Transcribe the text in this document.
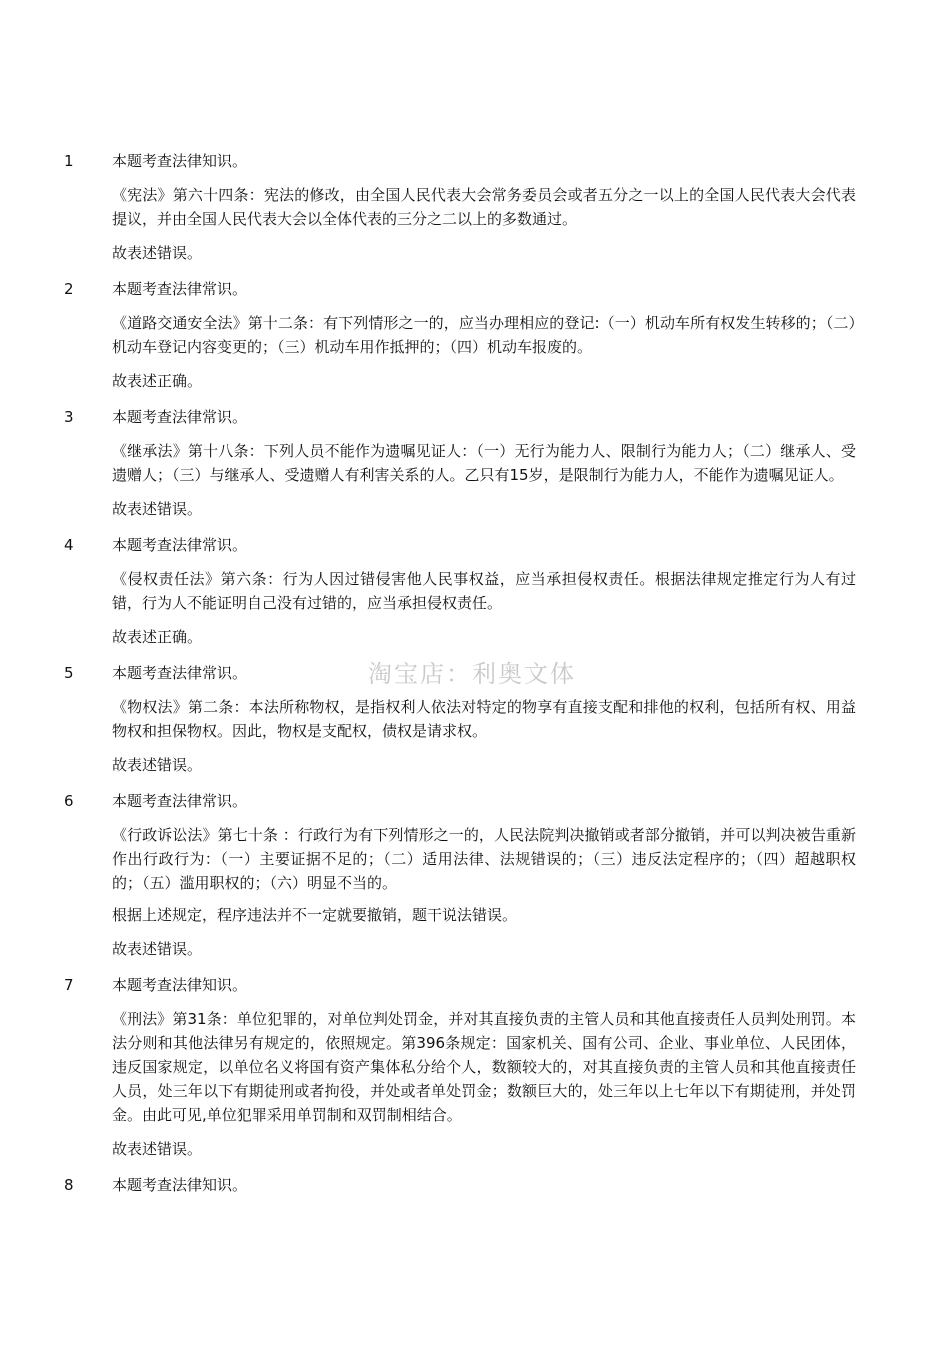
1	本题考查法律知识。

《宪法》第六十四条：宪法的修改，由全国人民代表大会常务委员会或者五分之一以上的全国人民代表大会代表提议，并由全国人民代表大会以全体代表的三分之二以上的多数通过。

故表述错误。
2	本题考查法律常识。

《道路交通安全法》第十二条：有下列情形之一的，应当办理相应的登记:（一）机动车所有权发生转移的；（二）机动车登记内容变更的；（三）机动车用作抵押的；（四）机动车报废的。

故表述正确。
3	本题考查法律常识。

《继承法》第十八条：下列人员不能作为遗嘱见证人：（一）无行为能力人、限制行为能力人；（二）继承人、受遗赠人；（三）与继承人、受遗赠人有利害关系的人。乙只有15岁，是限制行为能力人，不能作为遗嘱见证人。

故表述错误。
4	本题考查法律常识。

《侵权责任法》第六条：行为人因过错侵害他人民事权益，应当承担侵权责任。根据法律规定推定行为人有过错，行为人不能证明自己没有过错的，应当承担侵权责任。

故表述正确。
5	本题考查法律常识。

《物权法》第二条：本法所称物权，是指权利人依法对特定的物享有直接支配和排他的权利，包括所有权、用益物权和担保物权。因此，物权是支配权，债权是请求权。

故表述错误。
6	本题考查法律常识。

《行政诉讼法》第七十条 ：行政行为有下列情形之一的，人民法院判决撤销或者部分撤销，并可以判决被告重新作出行政行为：（一）主要证据不足的；（二）适用法律、法规错误的；（三）违反法定程序的；（四）超越职权的；（五）滥用职权的；（六）明显不当的。

根据上述规定，程序违法并不一定就要撤销，题干说法错误。

故表述错误。
7	本题考查法律知识。

《刑法》第31条：单位犯罪的，对单位判处罚金，并对其直接负责的主管人员和其他直接责任人员判处刑罚。本法分则和其他法律另有规定的，依照规定。第396条规定：国家机关、国有公司、企业、事业单位、人民团体，违反国家规定，以单位名义将国有资产集体私分给个人，数额较大的，对其直接负责的主管人员和其他直接责任人员，处三年以下有期徒刑或者拘役，并处或者单处罚金；数额巨大的，处三年以上七年以下有期徒刑，并处罚金。由此可见,单位犯罪采用单罚制和双罚制相结合。

故表述错误。
8	本题考查法律知识。
淘宝店：利奥文体
